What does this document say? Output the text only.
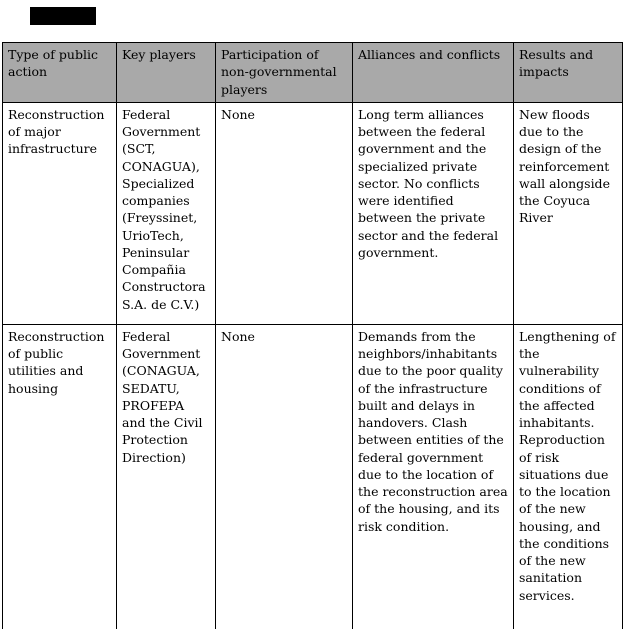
Type of public action	Key players	Participation of non-governmental players	Alliances and conflicts	Results and impacts
Reconstruction of major infrastructure	Federal Government (SCT, CONAGUA), Specialized companies (Freyssinet, UrioTech, Peninsular Compañia Constructora S.A. de C.V.)	None	Long term alliances between the federal government and the specialized private sector. No conflicts were identified between the private sector and the federal government.	New floods due to the design of the reinforcement wall alongside the Coyuca River
Reconstruction of public utilities and housing	Federal Government (CONAGUA, SEDATU, PROFEPA and the Civil Protection Direction)	None	Demands from the neighbors/inhabitants due to the poor quality of the infrastructure built and delays in handovers. Clash between entities of the federal government due to the location of the reconstruction area of the housing, and its risk condition.	Lengthening of the vulnerability conditions of the affected inhabitants. Reproduction of risk situations due to the location of the new housing, and the conditions of the new sanitation services.
